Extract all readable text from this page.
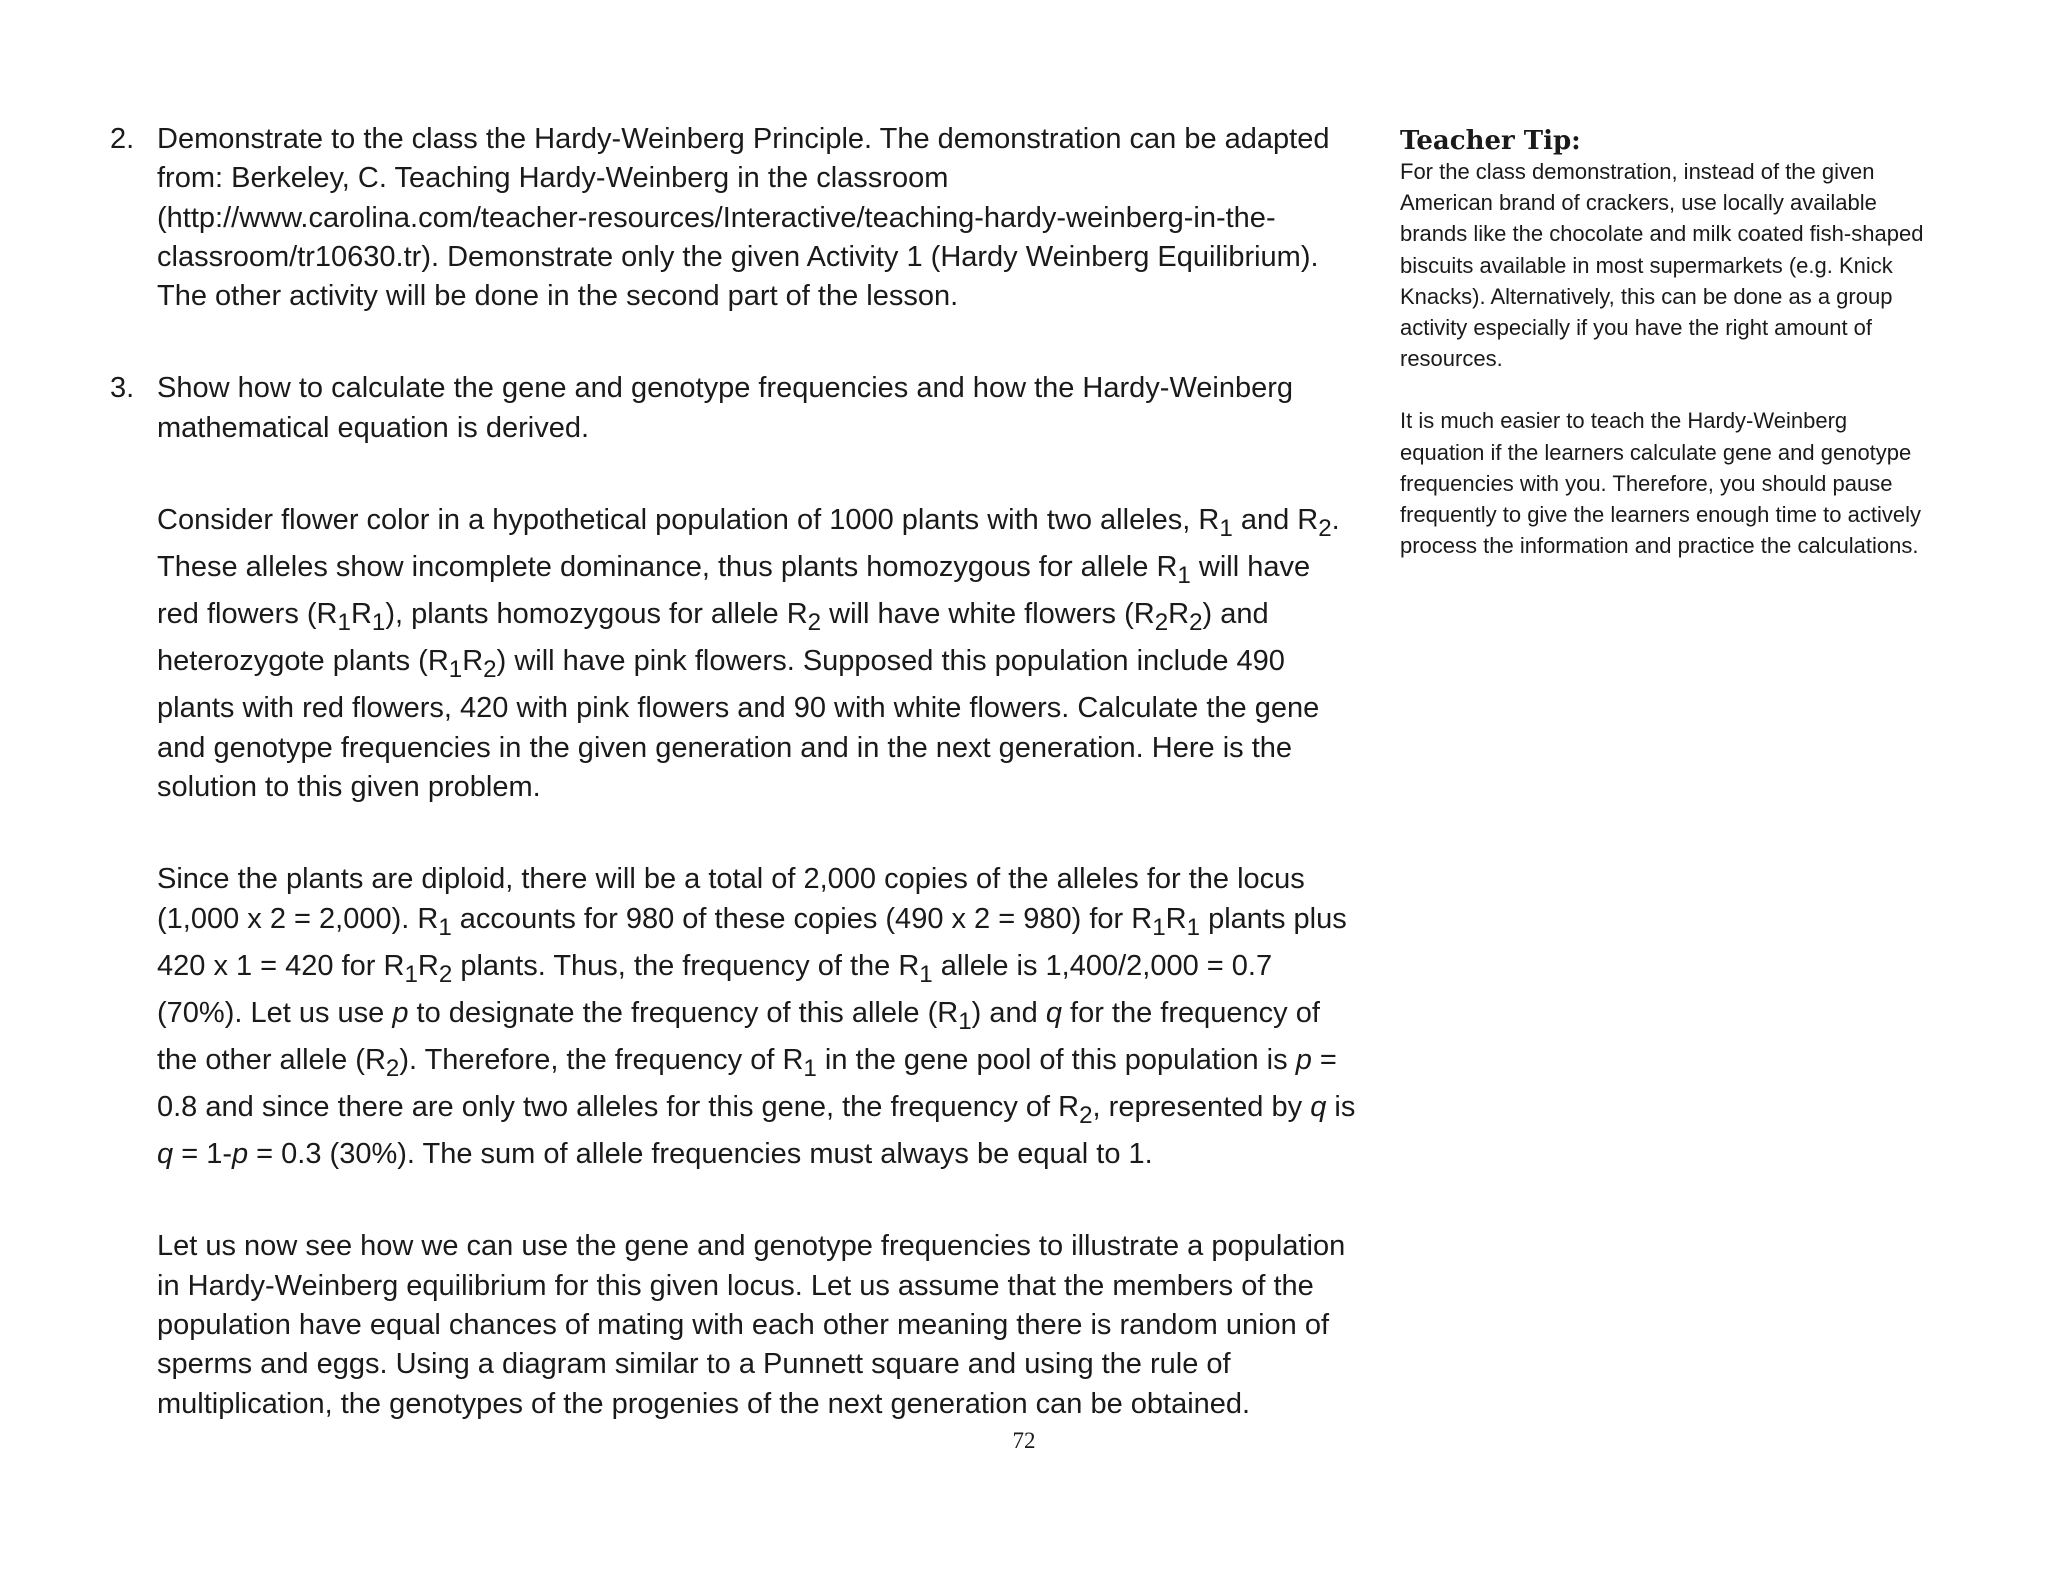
2. Demonstrate to the class the Hardy-Weinberg Principle. The demonstration can be adapted from: Berkeley, C. Teaching Hardy-Weinberg in the classroom (http://www.carolina.com/teacher-resources/Interactive/teaching-hardy-weinberg-in-the-classroom/tr10630.tr). Demonstrate only the given Activity 1 (Hardy Weinberg Equilibrium). The other activity will be done in the second part of the lesson.

3. Show how to calculate the gene and genotype frequencies and how the Hardy-Weinberg mathematical equation is derived.

Consider flower color in a hypothetical population of 1000 plants with two alleles, $R_1$ and $R_2$. These alleles show incomplete dominance, thus plants homozygous for allele $R_1$ will have red flowers $(R_1R_1)$, plants homozygous for allele $R_2$ will have white flowers $(R_2R_2)$ and heterozygote plants $(R_1R_2)$ will have pink flowers. Supposed this population include 490 plants with red flowers, 420 with pink flowers and 90 with white flowers. Calculate the gene and genotype frequencies in the given generation and in the next generation. Here is the solution to this given problem.

Since the plants are diploid, there will be a total of 2,000 copies of the alleles for the locus (1,000 x 2 = 2,000). $R_1$ accounts for 980 of these copies (490 x 2 = 980) for $R_1R_1$ plants plus 420 x 1 = 420 for $R_1R_2$ plants. Thus, the frequency of the $R_1$ allele is 1,400/2,000 = 0.7 (70%). Let us use p to designate the frequency of this allele $(R_1)$ and q for the frequency of the other allele $(R_2)$. Therefore, the frequency of $R_1$ in the gene pool of this population is p = 0.8 and since there are only two alleles for this gene, the frequency of $R_2$, represented by q is q = 1-p = 0.3 (30%). The sum of allele frequencies must always be equal to 1.

Let us now see how we can use the gene and genotype frequencies to illustrate a population in Hardy-Weinberg equilibrium for this given locus. Let us assume that the members of the population have equal chances of mating with each other meaning there is random union of sperms and eggs. Using a diagram similar to a Punnett square and using the rule of multiplication, the genotypes of the progenies of the next generation can be obtained.

Teacher Tip:

For the class demonstration, instead of the given American brand of crackers, use locally available brands like the chocolate and milk coated fish-shaped biscuits available in most supermarkets (e.g. Knick Knacks). Alternatively, this can be done as a group activity especially if you have the right amount of resources.

It is much easier to teach the Hardy-Weinberg equation if the learners calculate gene and genotype frequencies with you. Therefore, you should pause frequently to give the learners enough time to actively process the information and practice the calculations.

72
